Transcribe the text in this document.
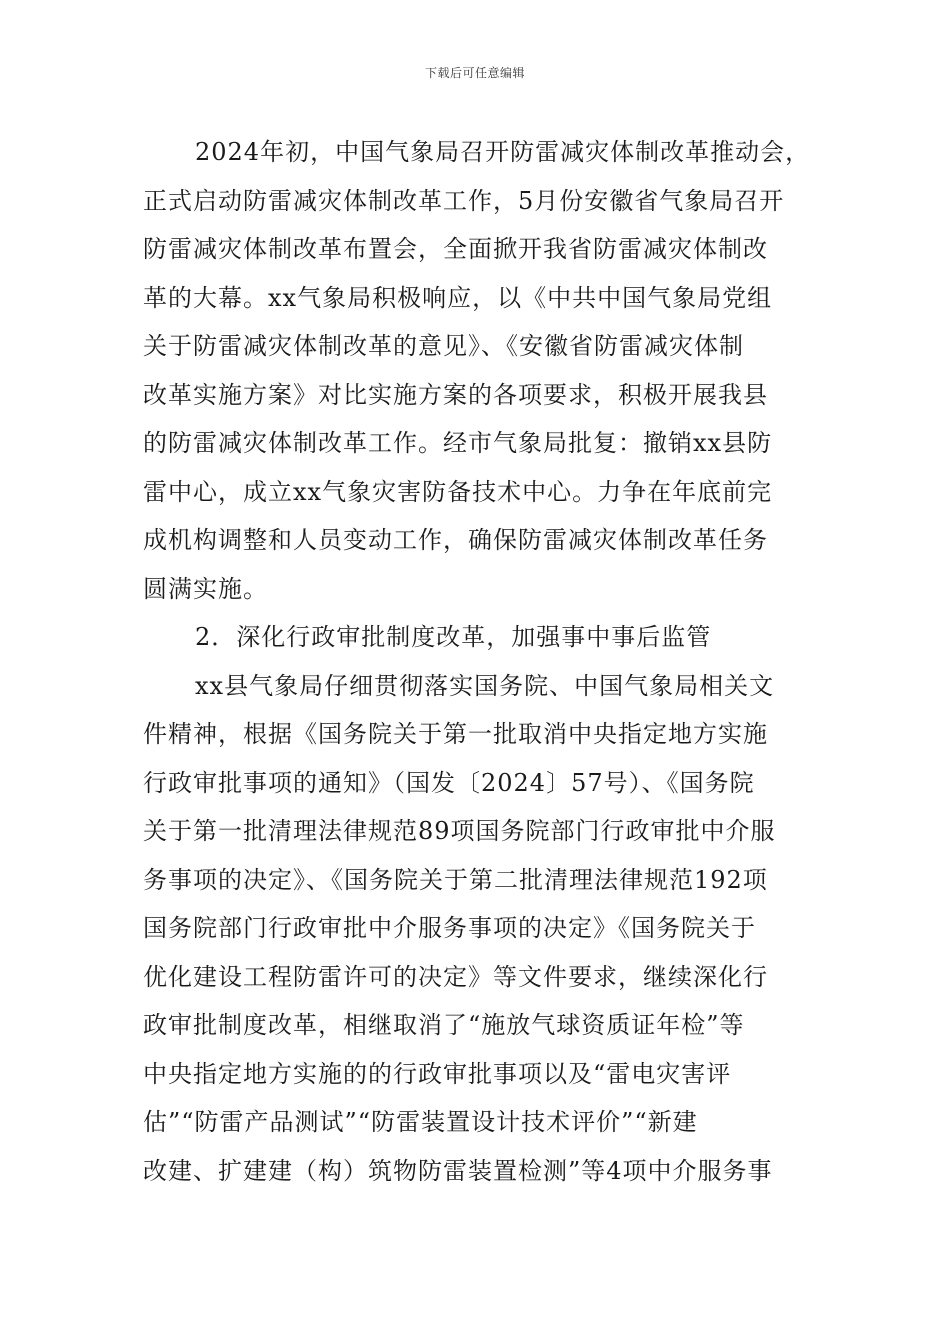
下载后可任意编辑
2024年初，中国气象局召开防雷减灾体制改革推动会，
正式启动防雷减灾体制改革工作，5月份安徽省气象局召开
防雷减灾体制改革布置会，全面掀开我省防雷减灾体制改
革的大幕。xx气象局积极响应，以《中共中国气象局党组
关于防雷减灾体制改革的意见》、《安徽省防雷减灾体制
改革实施方案》对比实施方案的各项要求，积极开展我县
的防雷减灾体制改革工作。经市气象局批复：撤销xx县防
雷中心，成立xx气象灾害防备技术中心。力争在年底前完
成机构调整和人员变动工作，确保防雷减灾体制改革任务
圆满实施。
2．深化行政审批制度改革，加强事中事后监管
xx县气象局仔细贯彻落实国务院、中国气象局相关文
件精神，根据《国务院关于第一批取消中央指定地方实施
行政审批事项的通知》（国发〔2024〕57号）、《国务院
关于第一批清理法律规范89项国务院部门行政审批中介服
务事项的决定》、《国务院关于第二批清理法律规范192项
国务院部门行政审批中介服务事项的决定》《国务院关于
优化建设工程防雷许可的决定》等文件要求，继续深化行
政审批制度改革，相继取消了“施放气球资质证年检”等
中央指定地方实施的的行政审批事项以及“雷电灾害评
估”“防雷产品测试”“防雷装置设计技术评价”“新建
改建、扩建建（构）筑物防雷装置检测”等4项中介服务事
